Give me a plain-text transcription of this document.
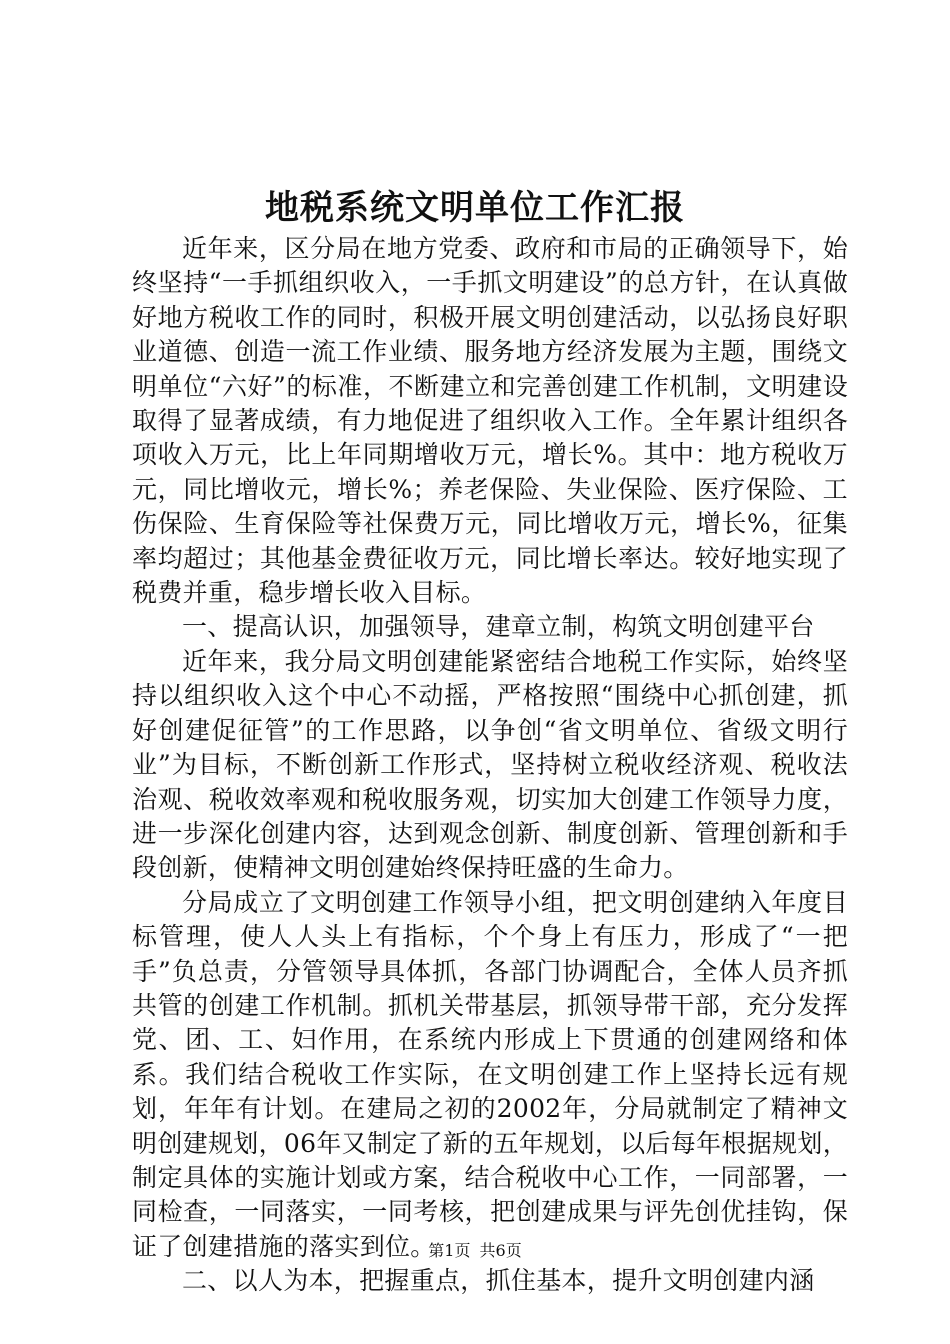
地税系统文明单位工作汇报

近年来，区分局在地方党委、政府和市局的正确领导下，始终坚持“一手抓组织收入，一手抓文明建设”的总方针，在认真做好地方税收工作的同时，积极开展文明创建活动，以弘扬良好职业道德、创造一流工作业绩、服务地方经济发展为主题，围绕文明单位“六好”的标准，不断建立和完善创建工作机制，文明建设取得了显著成绩，有力地促进了组织收入工作。全年累计组织各项收入万元，比上年同期增收万元，增长%。其中：地方税收万元，同比增收元，增长%；养老保险、失业保险、医疗保险、工伤保险、生育保险等社保费万元，同比增收万元，增长%，征集率均超过；其他基金费征收万元，同比增长率达。较好地实现了税费并重，稳步增长收入目标。

一、提高认识，加强领导，建章立制，构筑文明创建平台

近年来，我分局文明创建能紧密结合地税工作实际，始终坚持以组织收入这个中心不动摇，严格按照“围绕中心抓创建，抓好创建促征管”的工作思路，以争创“省文明单位、省级文明行业”为目标，不断创新工作形式，坚持树立税收经济观、税收法治观、税收效率观和税收服务观，切实加大创建工作领导力度，进一步深化创建内容，达到观念创新、制度创新、管理创新和手段创新，使精神文明创建始终保持旺盛的生命力。

分局成立了文明创建工作领导小组，把文明创建纳入年度目标管理，使人人头上有指标，个个身上有压力，形成了“一把手”负总责，分管领导具体抓，各部门协调配合，全体人员齐抓共管的创建工作机制。抓机关带基层，抓领导带干部，充分发挥党、团、工、妇作用，在系统内形成上下贯通的创建网络和体系。我们结合税收工作实际，在文明创建工作上坚持长远有规划，年年有计划。在建局之初的2002年，分局就制定了精神文明创建规划，06年又制定了新的五年规划，以后每年根据规划，制定具体的实施计划或方案，结合税收中心工作，一同部署，一同检查，一同落实，一同考核，把创建成果与评先创优挂钩，保证了创建措施的落实到位。

二、以人为本，把握重点，抓住基本，提升文明创建内涵

第1页 共6页
